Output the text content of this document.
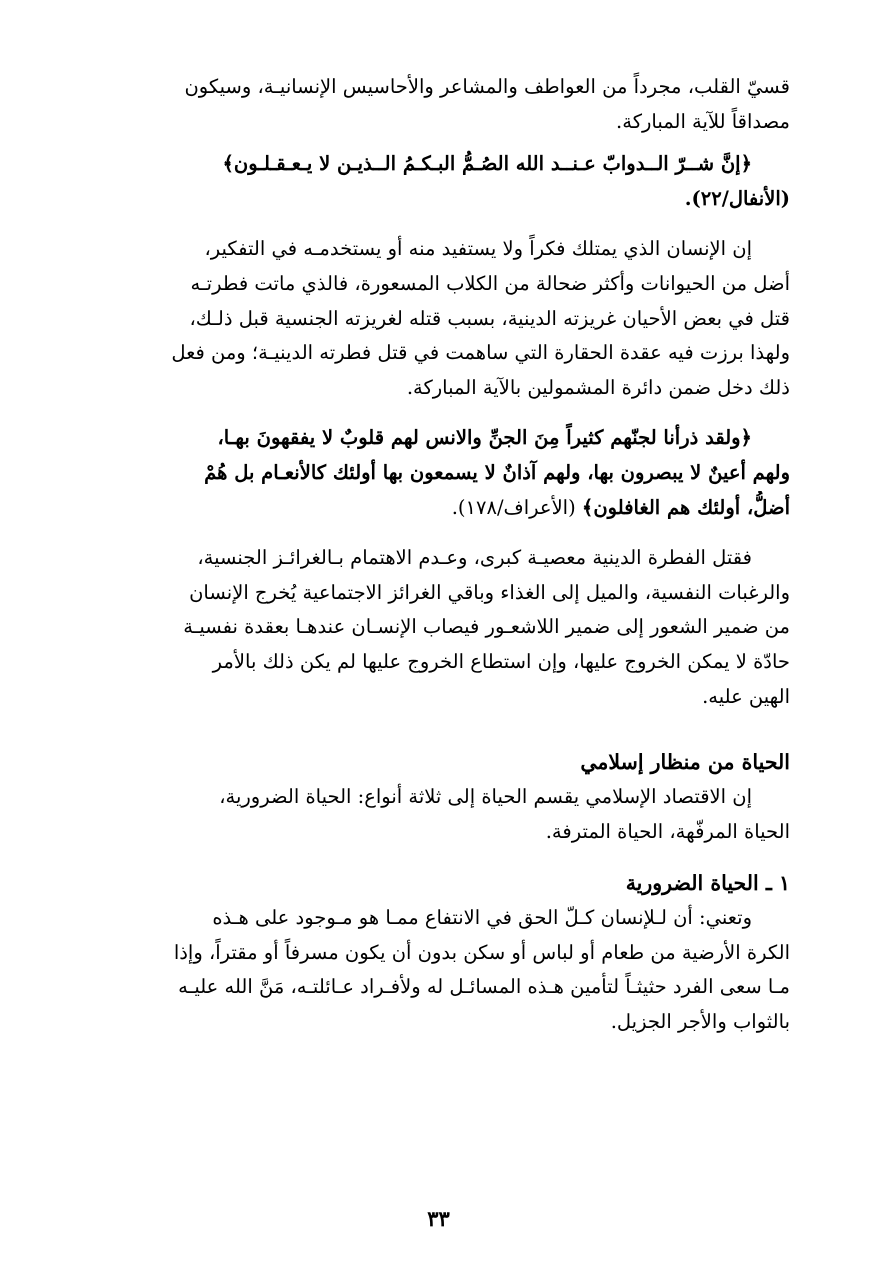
قسيّ القلب، مجرداً من العواطف والمشاعر والأحاسيس الإنسانيـة، وسيكون
مصداقاً للآية المباركة.

﴿إنَّ شــرّ الــدوابّ عـنــد الله الصُـمُّ البـكـمُ الــذيـن لا يـعـقـلـون﴾
(الأنفال/٢٢).

إن الإنسان الذي يمتلك فكراً ولا يستفيد منه أو يستخدمـه في التفكير،
أضل من الحيوانات وأكثر ضحالة من الكلاب المسعورة، فالذي ماتت فطرتـه
قتل في بعض الأحيان غريزته الدينية، بسبب قتله لغريزته الجنسية قبل ذلـك،
ولهذا برزت فيه عقدة الحقارة التي ساهمت في قتل فطرته الدينيـة؛ ومن فعل
ذلك دخل ضمن دائرة المشمولين بالآية المباركة.

﴿ولقد ذرأنا لجنّهم كثيراً مِنَ الجنِّ والانس لهم قلوبٌ لا يفقهونَ بهـا،
ولهم أعينٌ لا يبصرون بها، ولهم آذانٌ لا يسمعون بها أولئك كالأنعـام بل هُمْ
أضلُّ، أولئك هم الغافلون﴾ (الأعراف/١٧٨).

فقتل الفطرة الدينية معصيـة كبرى، وعـدم الاهتمام بـالغرائـز الجنسية،
والرغبات النفسية، والميل إلى الغذاء وباقي الغرائز الاجتماعية يُخرج الإنسان
من ضمير الشعور إلى ضمير اللاشعـور فيصاب الإنسـان عندهـا بعقدة نفسيـة
حادّة لا يمكن الخروج عليها، وإن استطاع الخروج عليها لم يكن ذلك بالأمر
الهين عليه.

الحياة من منظار إسلامي

إن الاقتصاد الإسلامي يقسم الحياة إلى ثلاثة أنواع: الحياة الضرورية،
الحياة المرفّهة، الحياة المترفة.

١ ـ الحياة الضرورية

وتعني: أن لـلإنسان كـلّ الحق في الانتفاع ممـا هو مـوجود على هـذه
الكرة الأرضية من طعام أو لباس أو سكن بدون أن يكون مسرفاً أو مقتراً، وإذا
مـا سعى الفرد حثيثـاً لتأمين هـذه المسائـل له ولأفـراد عـائلتـه، مَنَّ الله عليـه
بالثواب والأجر الجزيل.

٣٣
